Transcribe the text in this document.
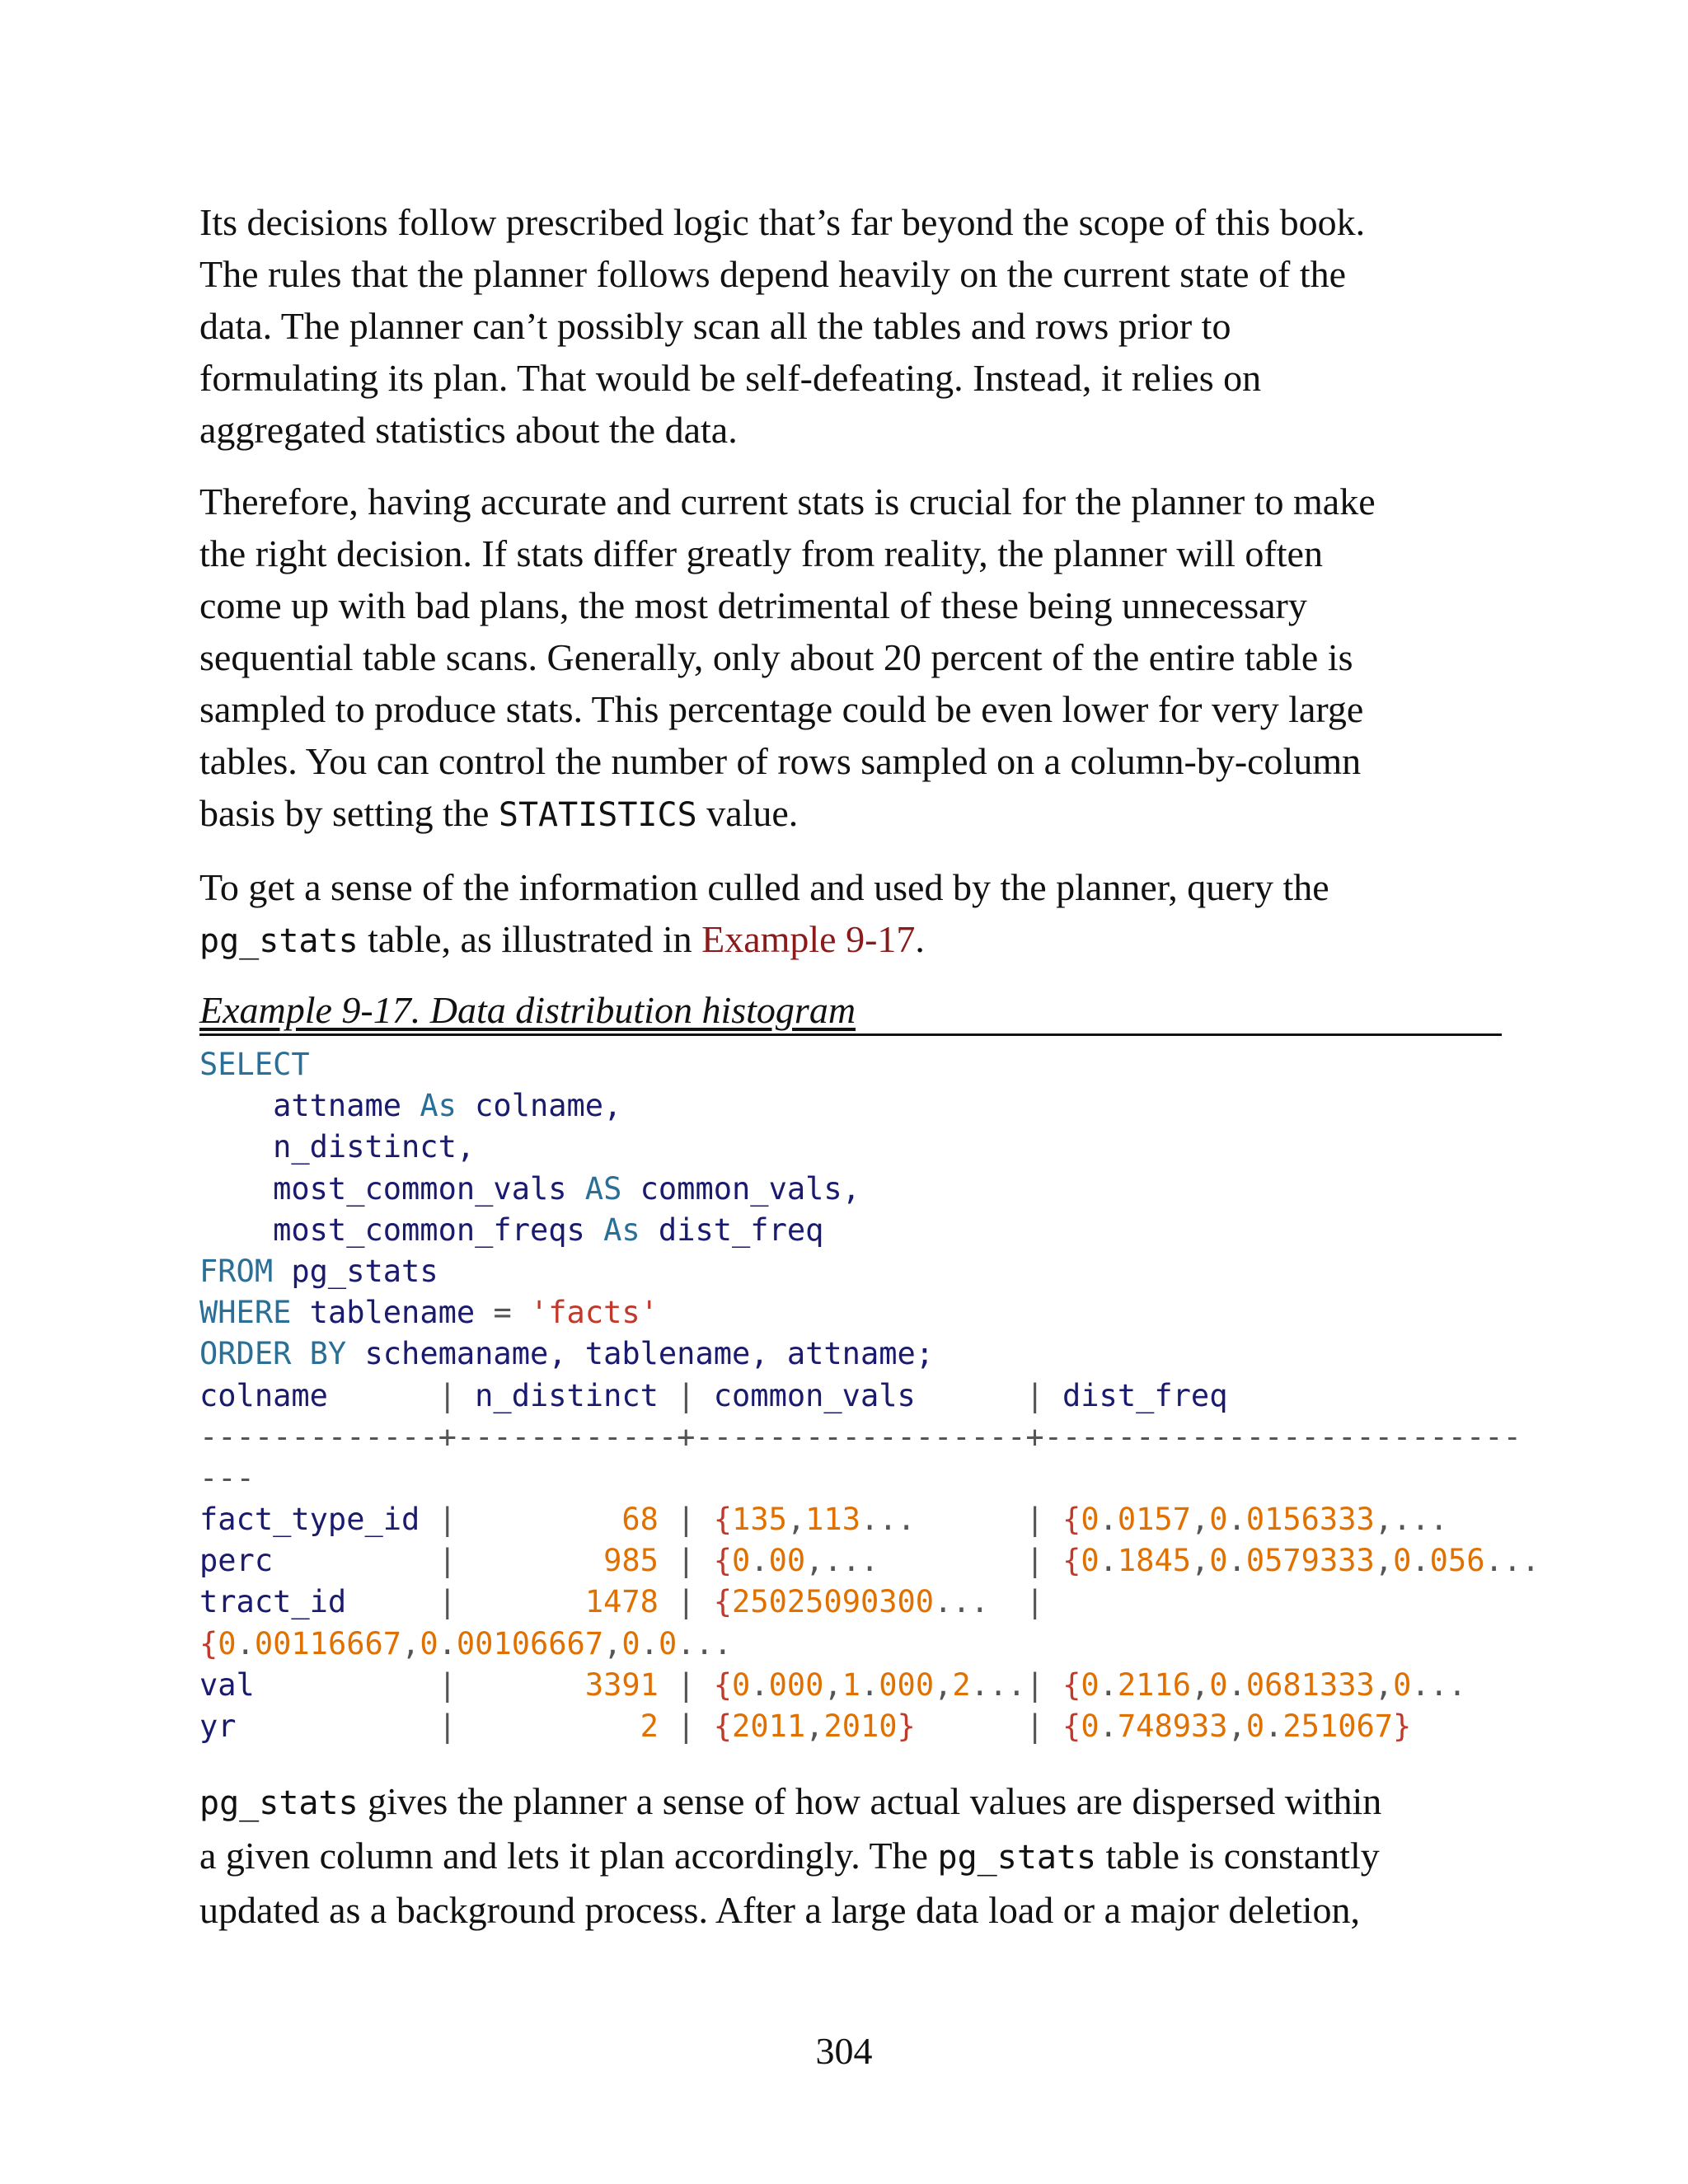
Its decisions follow prescribed logic that’s far beyond the scope of this book.
The rules that the planner follows depend heavily on the current state of the
data. The planner can’t possibly scan all the tables and rows prior to
formulating its plan. That would be self-defeating. Instead, it relies on
aggregated statistics about the data.

Therefore, having accurate and current stats is crucial for the planner to make
the right decision. If stats differ greatly from reality, the planner will often
come up with bad plans, the most detrimental of these being unnecessary
sequential table scans. Generally, only about 20 percent of the entire table is
sampled to produce stats. This percentage could be even lower for very large
tables. You can control the number of rows sampled on a column-by-column
basis by setting the STATISTICS value.

To get a sense of the information culled and used by the planner, query the
pg_stats table, as illustrated in Example 9-17.

Example 9-17. Data distribution histogram
SELECT
attname As colname,
n_distinct,
most_common_vals AS common_vals,
most_common_freqs As dist_freq
FROM pg_stats
WHERE tablename = 'facts'
ORDER BY schemaname, tablename, attname;
colname      | n_distinct | common_vals      | dist_freq
-------------+------------+------------------+--------------------------
---
fact_type_id |	68 | {135,113...	| {0.0157,0.0156333,...
perc         |	985 | {0.00,...	| {0.1845,0.0579333,0.056...
tract_id     |	1478 | {25025090300... |
{0.00116667,0.00106667,0.0...
val          |	3391 | {0.000,1.000,2...| {0.2116,0.0681333,0...
yr           |	2 | {2011,2010}	| {0.748933,0.251067}

pg_stats gives the planner a sense of how actual values are dispersed within
a given column and lets it plan accordingly. The pg_stats table is constantly
updated as a background process. After a large data load or a major deletion,

304
